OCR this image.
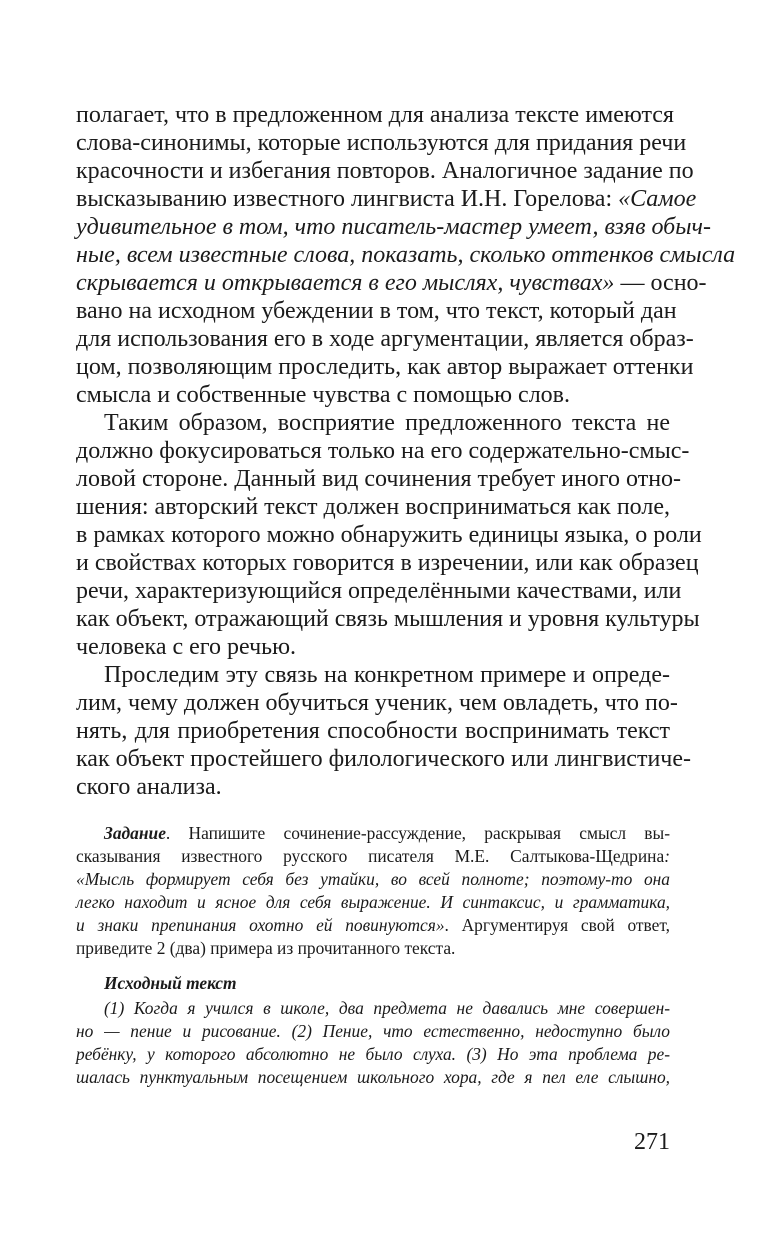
полагает, что в предложенном для анализа тексте имеются

слова-синонимы, которые используются для придания речи

красочности и избегания повторов. Аналогичное задание по

высказыванию известного лингвиста И.Н. Горелова: «Самое

удивительное в том, что писатель-мастер умеет, взяв обыч-

ные, всем известные слова, показать, сколько оттенков смысла

скрывается и открывается в его мыслях, чувствах» — осно-

вано на исходном убеждении в том, что текст, который дан

для использования его в ходе аргументации, является образ-

цом, позволяющим проследить, как автор выражает оттенки

смысла и собственные чувства с помощью слов.

Таким образом, восприятие предложенного текста не

должно фокусироваться только на его содержательно-смыс-

ловой стороне. Данный вид сочинения требует иного отно-

шения: авторский текст должен восприниматься как поле,

в рамках которого можно обнаружить единицы языка, о роли

и свойствах которых говорится в изречении, или как образец

речи, характеризующийся определёнными качествами, или

как объект, отражающий связь мышления и уровня культуры

человека с его речью.

Проследим эту связь на конкретном примере и опреде-

лим, чему должен обучиться ученик, чем овладеть, что по-

нять, для приобретения способности воспринимать текст

как объект простейшего филологического или лингвистиче-

ского анализа.

Задание. Напишите сочинение-рассуждение, раскрывая смысл вы-

сказывания известного русского писателя М.Е. Салтыкова-Щедрина:

«Мысль формирует себя без утайки, во всей полноте; поэтому-то она

легко находит и ясное для себя выражение. И синтаксис, и грамматика,

и знаки препинания охотно ей повинуются». Аргументируя свой ответ,

приведите 2 (два) примера из прочитанного текста.

Исходный текст

(1) Когда я учился в школе, два предмета не давались мне совершен-

но — пение и рисование. (2) Пение, что естественно, недоступно было

ребёнку, у которого абсолютно не было слуха. (3) Но эта проблема ре-

шалась пунктуальным посещением школьного хора, где я пел еле слышно,

271
